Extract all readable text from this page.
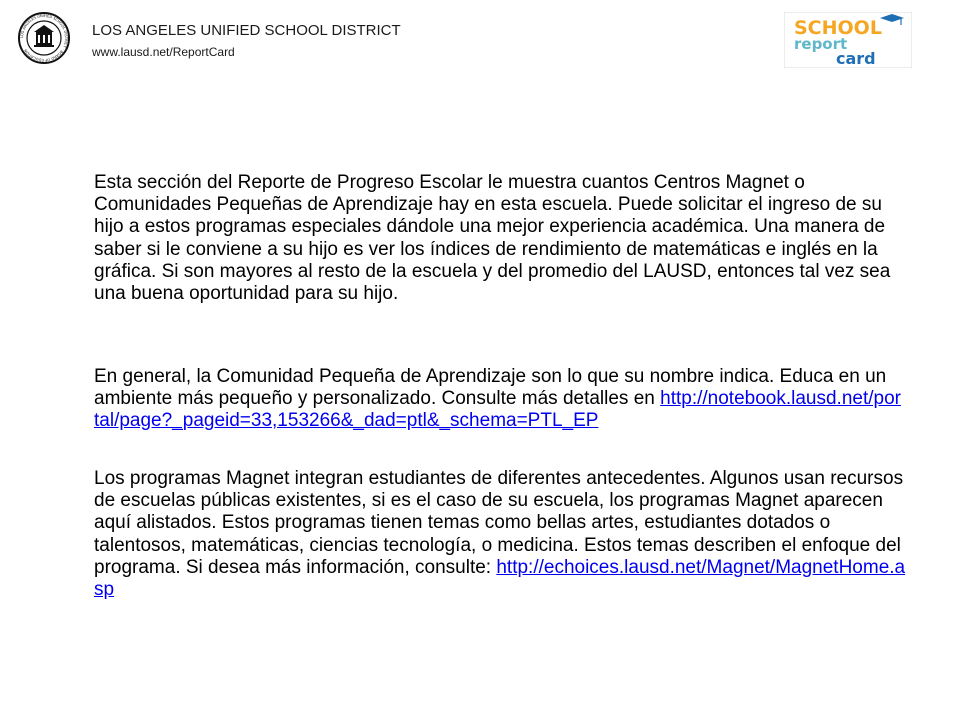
LOS ANGELES UNIFIED SCHOOL DISTRICT · BOARD OF EDUCATION
LOS ANGELES UNIFIED SCHOOL DISTRICT
www.lausd.net/ReportCard
SCHOOL
report
card
Esta sección del Reporte de Progreso Escolar le muestra cuantos Centros Magnet o Comunidades Pequeñas de Aprendizaje hay en esta escuela. Puede solicitar el ingreso de su hijo a estos programas especiales dándole una mejor experiencia académica. Una manera de saber si le conviene a su hijo es ver los índices de rendimiento de matemáticas e inglés en la gráfica. Si son mayores al resto de la escuela y del promedio del LAUSD, entonces tal vez sea una buena oportunidad para su hijo.
En general, la Comunidad Pequeña de Aprendizaje son lo que su nombre indica. Educa en un ambiente más pequeño y personalizado. Consulte más detalles en http://notebook.lausd.net/portal/page?_pageid=33,153266&_dad=ptl&_schema=PTL_EP
Los programas Magnet integran estudiantes de diferentes antecedentes. Algunos usan recursos de escuelas públicas existentes, si es el caso de su escuela, los programas Magnet aparecen aquí alistados. Estos programas tienen temas como bellas artes, estudiantes dotados o talentosos, matemáticas, ciencias tecnología, o medicina. Estos temas describen el enfoque del programa. Si desea más información, consulte: http://echoices.lausd.net/Magnet/MagnetHome.asp
